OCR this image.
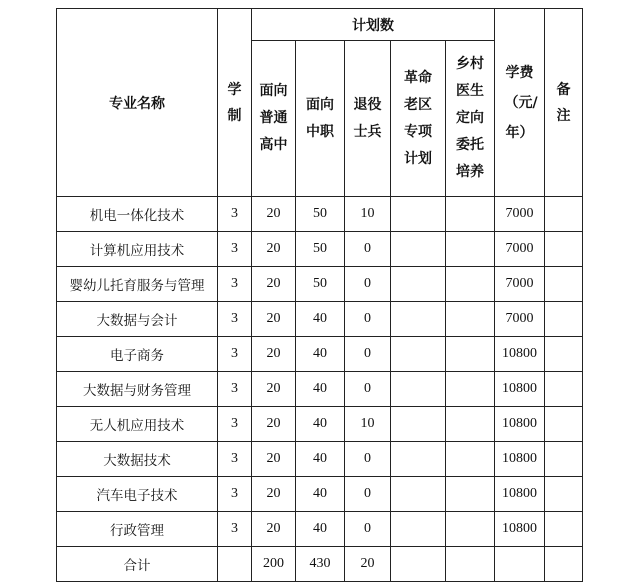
专业名称	学制	计划数					学费（元/年）	备注

		面向普通高中	面向中职	退役士兵	革命老区专项计划	乡村医生定向委托培养		

机电一体化技术	3	20	50	10			7000	
计算机应用技术	3	20	50	0			7000	
婴幼儿托育服务与管理	3	20	50	0			7000	
大数据与会计	3	20	40	0			7000	
电子商务	3	20	40	0			10800	
大数据与财务管理	3	20	40	0			10800	
无人机应用技术	3	20	40	10			10800	
大数据技术	3	20	40	0			10800	
汽车电子技术	3	20	40	0			10800	
行政管理	3	20	40	0			10800	
合计		200	430	20				
